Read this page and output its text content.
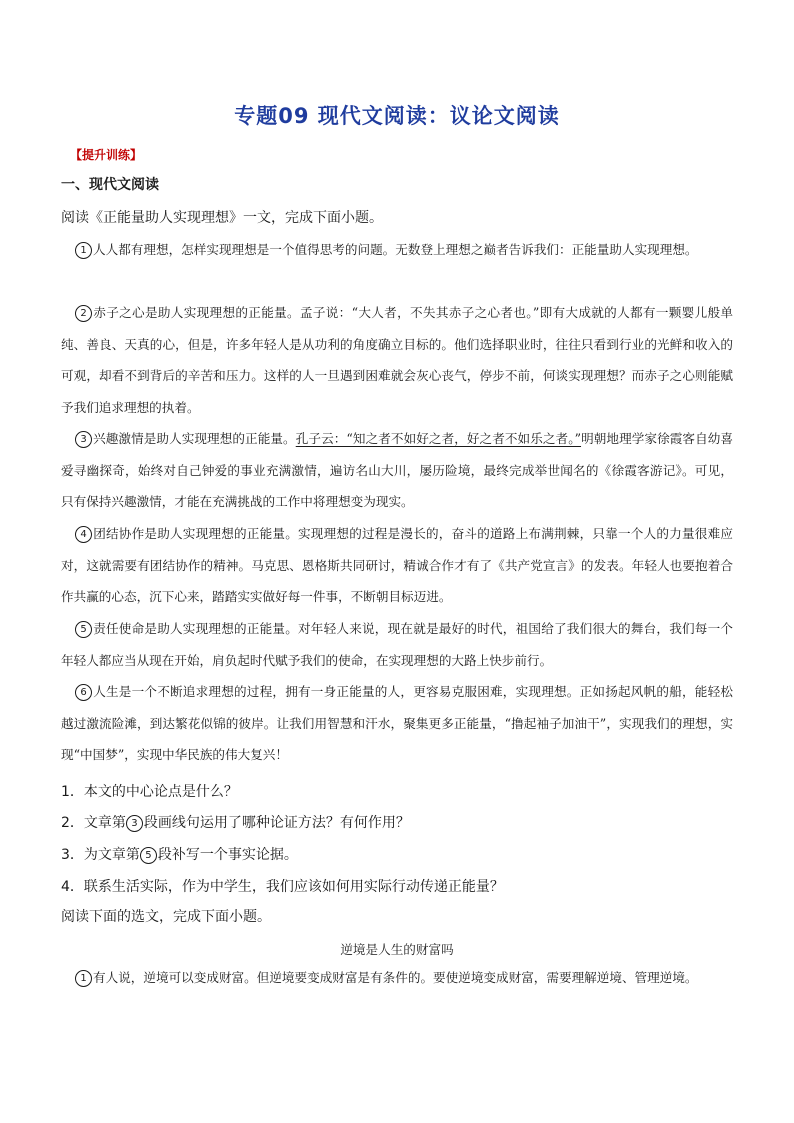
专题09 现代文阅读：议论文阅读
【提升训练】
一、现代文阅读
阅读《正能量助人实现理想》一文，完成下面小题。
1 人人都有理想，怎样实现理想是一个值得思考的问题。无数登上理想之巅者告诉我们：正能量助人实现理想。
2 赤子之心是助人实现理想的正能量。孟子说：“大人者，不失其赤子之心者也。”即有大成就的人都有一颗婴儿般单纯、善良、天真的心，但是，许多年轻人是从功利的角度确立目标的。他们选择职业时，往往只看到行业的光鲜和收入的可观，却看不到背后的辛苦和压力。这样的人一旦遇到困难就会灰心丧气，停步不前，何谈实现理想？而赤子之心则能赋予我们追求理想的执着。
3 兴趣激情是助人实现理想的正能量。孔子云：“知之者不如好之者，好之者不如乐之者。”明朝地理学家徐霞客自幼喜爱寻幽探奇，始终对自己钟爱的事业充满激情，遍访名山大川，屡历险境，最终完成举世闻名的《徐霞客游记》。可见，只有保持兴趣激情，才能在充满挑战的工作中将理想变为现实。
4 团结协作是助人实现理想的正能量。实现理想的过程是漫长的，奋斗的道路上布满荆棘，只靠一个人的力量很难应对，这就需要有团结协作的精神。马克思、恩格斯共同研讨，精诚合作才有了《共产党宣言》的发表。年轻人也要抱着合作共赢的心态，沉下心来，踏踏实实做好每一件事，不断朝目标迈进。
5 责任使命是助人实现理想的正能量。对年轻人来说，现在就是最好的时代，祖国给了我们很大的舞台，我们每一个年轻人都应当从现在开始，肩负起时代赋予我们的使命，在实现理想的大路上快步前行。
6 人生是一个不断追求理想的过程，拥有一身正能量的人，更容易克服困难，实现理想。正如扬起风帆的船，能轻松越过激流险滩，到达繁花似锦的彼岸。让我们用智慧和汗水，聚集更多正能量，“撸起袖子加油干”，实现我们的理想，实现“中国梦”，实现中华民族的伟大复兴！
1．本文的中心论点是什么？
2．文章第 3 段画线句运用了哪种论证方法？有何作用？
3．为文章第 5 段补写一个事实论据。
4．联系生活实际，作为中学生，我们应该如何用实际行动传递正能量？
阅读下面的选文，完成下面小题。
逆境是人生的财富吗
1 有人说，逆境可以变成财富。但逆境要变成财富是有条件的。要使逆境变成财富，需要理解逆境、管理逆境。
